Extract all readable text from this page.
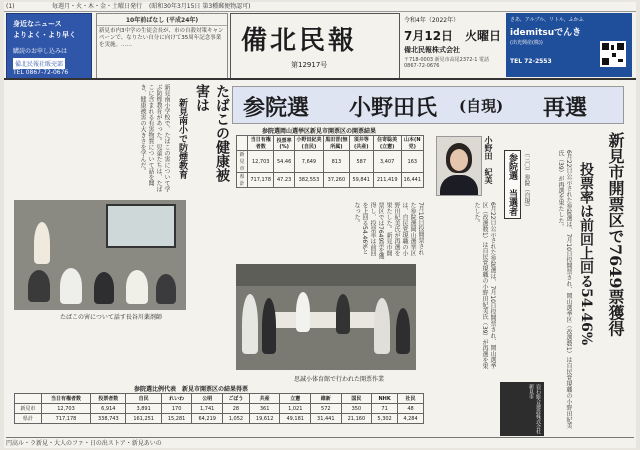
(1)	毎週月・火・木・金・土曜日発行 (昭和30年3月15日 第3種郵便物認可)
身近なニュース
よりよく・より早く
購読のお申し込みは
備北民報社販売部
TEL 0867-72-0676
10年前ばなし (平成24年)
新見市内3中学の生徒会長が、市の自殺対策キャンペーンで、なりたい自分に向けて35周年記念事業を実施。……	備北民報
第12917号
令和4年（2022年）
7月12日　火曜日
備北民報株式会社
〒718-0003 新見市高尾2372-1 電話0867-72-0676
さあ、アルブル、リトル、ふかふ
idemitsuでんき
(出光興産(株))
TEL 72-2553
参院選 小野田氏 (自現) 再選
たばこの健康被害は
新見南小で防煙教育
新見南小学校で、たばこの害について学ぶ防煙教育があった。児童たちは、たばこに含まれる有害物質について話を聞き、健康被害の大きさを学んだ。
たばこの害について話す長谷川薬剤師
参院選岡山選挙区新見市開票区の開票結果
	当日有権者数	投票率(%)	小野田紀美(自民)	黒田晋(無所属)	須井等(共産)	住寄聡美(立憲)	山本(N党)
新見市	12,703	54.46	7,649	813	587	3,407	163
県計	717,178	47.23	382,553	37,260	59,841	211,419	16,441
7月10日投開票された参院選岡山選挙区は、自民党現職の小野田紀美氏が再選を果たした。新見市開票区では7649票を獲得し、投票率は前回を上回る54.46%となった。
思誠小体育館で行われた開票作業
小野田　紀美	参院選　当選者	（三〇）参院（自現）
6月22日公示された参院選は、7月10日投開票され、岡山選挙区（改選数1）は自民党現職の小野田紀美氏（39）が再選を果たした。	新見市開票区で7649票獲得
投票率は前回上回る54.46%
6月22日公示された参院選は、7月10日投開票され、岡山選挙区（改選数1）は自民党現職の小野田紀美氏（39）が再選を果たした。
参院選比例代表　新見市開票区の結果得票
	当日有権者数	投票者数	自民	れいわ	公明	ごぼう	共産	立憲	維新	国民	NHK	社民
新見市	12,703	6,914	3,891	170	1,741	28	361	1,021	572	350	71	48
県計	717,178	338,743	161,251	15,281	64,219	1,052	19,612	49,181	31,441	21,160	5,302	4,284	岩石総合建設株式会社 新見市
円高ル・ラ新見・大人のファ・日の出ストア・新見あいの
